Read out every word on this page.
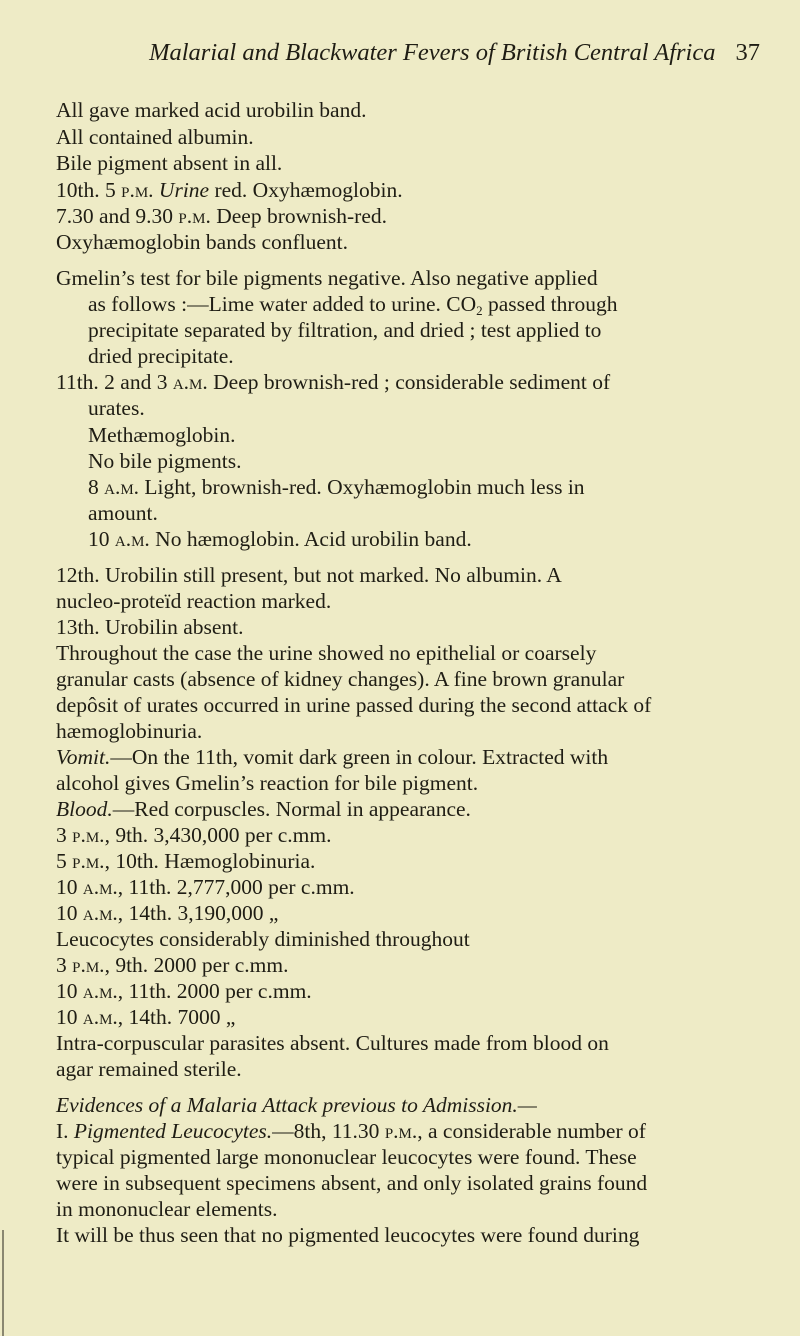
Malarial and Blackwater Fevers of British Central Africa 37
All gave marked acid urobilin band.
All contained albumin.
Bile pigment absent in all.
10th. 5 p.m. Urine red. Oxyhæmoglobin.
7.30 and 9.30 p.m. Deep brownish-red.
Oxyhæmoglobin bands confluent.
Gmelin’s test for bile pigments negative. Also negative applied
as follows :—Lime water added to urine. $CO_2$ passed through
precipitate separated by filtration, and dried ; test applied to
dried precipitate.
11th. 2 and 3 a.m. Deep brownish-red ; considerable sediment of
urates.
Methæmoglobin.
No bile pigments.
8 a.m. Light, brownish-red. Oxyhæmoglobin much less in
amount.
10 a.m. No hæmoglobin. Acid urobilin band.
12th. Urobilin still present, but not marked. No albumin. A
nucleo-proteïd reaction marked.
13th. Urobilin absent.
Throughout the case the urine showed no epithelial or coarsely
granular casts (absence of kidney changes). A fine brown granular
depôsit of urates occurred in urine passed during the second attack of
hæmoglobinuria.
Vomit.—On the 11th, vomit dark green in colour. Extracted with
alcohol gives Gmelin’s reaction for bile pigment.
Blood.—Red corpuscles. Normal in appearance.
3 p.m., 9th. 3,430,000 per c.mm.
5 p.m., 10th. Hæmoglobinuria.
10 a.m., 11th. 2,777,000 per c.mm.
10 a.m., 14th. 3,190,000 „
Leucocytes considerably diminished throughout
3 p.m., 9th. 2000 per c.mm.
10 a.m., 11th. 2000 per c.mm.
10 a.m., 14th. 7000 „
Intra-corpuscular parasites absent. Cultures made from blood on
agar remained sterile.
Evidences of a Malaria Attack previous to Admission.—
I. Pigmented Leucocytes.—8th, 11.30 p.m., a considerable number of
typical pigmented large mononuclear leucocytes were found. These
were in subsequent specimens absent, and only isolated grains found
in mononuclear elements.
It will be thus seen that no pigmented leucocytes were found during
